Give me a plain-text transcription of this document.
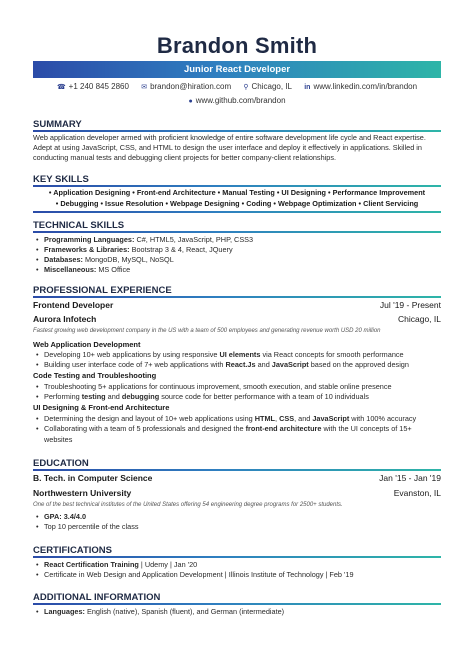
Brandon Smith
Junior React Developer
☎ +1 240 845 2860 ✉ brandon@hiration.com ⚲ Chicago, IL in www.linkedin.com/in/brandon
● www.github.com/brandon
SUMMARY
Web application developer armed with proficient knowledge of entire software development life cycle and React expertise.
Adept at using JavaScript, CSS, and HTML to design the user interface and deploy it effectively in applications. Skilled in
conducting manual tests and debugging client projects for better company-client relationships.
KEY SKILLS
• Application Designing • Front-end Architecture • Manual Testing • UI Designing • Performance Improvement
• Debugging • Issue Resolution • Webpage Designing • Coding • Webpage Optimization • Client Servicing
TECHNICAL SKILLS
• Programming Languages: C#, HTML5, JavaScript, PHP, CSS3
• Frameworks & Libraries: Bootstrap 3 & 4, React, JQuery
• Databases: MongoDB, MySQL, NoSQL
• Miscellaneous: MS Office
PROFESSIONAL EXPERIENCE
Frontend Developer	Jul '19 - Present
Aurora Infotech	Chicago, IL
Fastest growing web development company in the US with a team of 500 employees and generating revenue worth USD 20 million
Web Application Development
• Developing 10+ web applications by using responsive UI elements via React concepts for smooth performance
• Building user interface code of 7+ web applications with React.Js and JavaScript based on the approved design
Code Testing and Troubleshooting
• Troubleshooting 5+ applications for continuous improvement, smooth execution, and stable online presence
• Performing testing and debugging source code for better performance with a team of 10 individuals
UI Designing & Front-end Architecture
• Determining the design and layout of 10+ web applications using HTML, CSS, and JavaScript with 100% accuracy
• Collaborating with a team of 5 professionals and designed the front-end architecture with the UI concepts of 15+
websites
EDUCATION
B. Tech. in Computer Science	Jan '15 - Jan '19
Northwestern University	Evanston, IL
One of the best technical institutes of the United States offering 54 engineering degree programs for 2500+ students.
• GPA: 3.4/4.0
• Top 10 percentile of the class
CERTIFICATIONS
• React Certification Training | Udemy | Jan '20
• Certificate in Web Design and Application Development | Illinois Institute of Technology | Feb '19
ADDITIONAL INFORMATION
• Languages: English (native), Spanish (fluent), and German (intermediate)
